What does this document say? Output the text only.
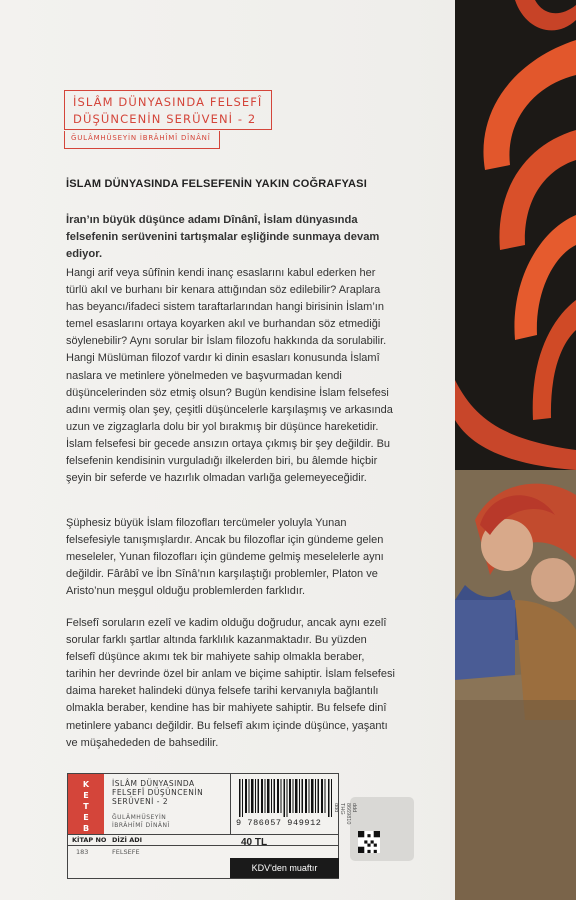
İSLÂM DÜNYASINDA FELSEFÎ
DÜŞÜNCENİN SERÜVENİ - 2
ĞULÂMHÜSEYİN İBRÂHÎMÎ DÎNÂNÎ
İSLAM DÜNYASINDA FELSEFENİN YAKIN COĞRAFYASI
İran’ın büyük düşünce adamı Dînânî, İslam dünyasında felsefenin serüvenini tartışmalar eşliğinde sunmaya devam ediyor.
Hangi arif veya sûfînin kendi inanç esaslarını kabul ederken her türlü akıl ve burhanı bir kenara attığından söz edilebilir? Araplara has beyancı/ifadeci sistem taraftarlarından hangi birisinin İslam’ın temel esaslarını ortaya koyarken akıl ve burhandan söz etmediği söylenebilir? Aynı sorular bir İslam filozofu hakkında da sorulabilir. Hangi Müslüman filozof vardır ki dinin esasları konusunda İslamî naslara ve metinlere yönelmeden ve başvurmadan kendi düşüncelerinden söz etmiş olsun? Bugün kendisine İslam felsefesi adını vermiş olan şey, çeşitli düşüncelerle karşılaşmış ve arkasında uzun ve zigzaglarla dolu bir yol bırakmış bir düşünce hareketidir. İslam felsefesi bir gecede ansızın ortaya çıkmış bir şey değildir. Bu felsefenin kendisinin vurguladığı ilkelerden biri, bu âlemde hiçbir şeyin bir seferde ve hazırlık olmadan varlığa gelemeyeceğidir.
Şüphesiz büyük İslam filozofları tercümeler yoluyla Yunan felsefesiyle tanışmışlardır. Ancak bu filozoflar için gündeme gelen meseleler, Yunan filozofları için gündeme gelmiş meselelerle aynı değildir. Fârâbî ve İbn Sînâ’nın karşılaştığı problemler, Platon ve Aristo’nun meşgul olduğu problemlerden farklıdır.
Felsefî soruların ezelî ve kadim olduğu doğrudur, ancak aynı ezelî sorular farklı şartlar altında farklılık kazanmaktadır. Bu yüzden felsefî düşünce akımı tek bir mahiyete sahip olmakla beraber, tarihin her devrinde özel bir anlam ve biçime sahiptir. İslam felsefesi daima hareket halindeki dünya felsefe tarihi kervanıyla bağlantılı olmakla beraber, kendine has bir mahiyete sahiptir. Bu felsefe dinî metinlere yabancı değildir. Bu felsefî akım içinde düşünce, yaşantı ve müşahededen de bahsedilir.
K
E
T
E
B
İSLÂM DÜNYASINDA
FELSEFÎ DÜŞÜNCENİN
SERÜVENİ - 2
ĞULÂMHÜSEYİN
İBRÂHÎMÎ DÎNÂNÎ	9 786057 949912
KİTAP NO DİZİ ADI
183	FELSEFE
40 TL
KDV'den muaftır
ddd
8669810
THG
ddd
